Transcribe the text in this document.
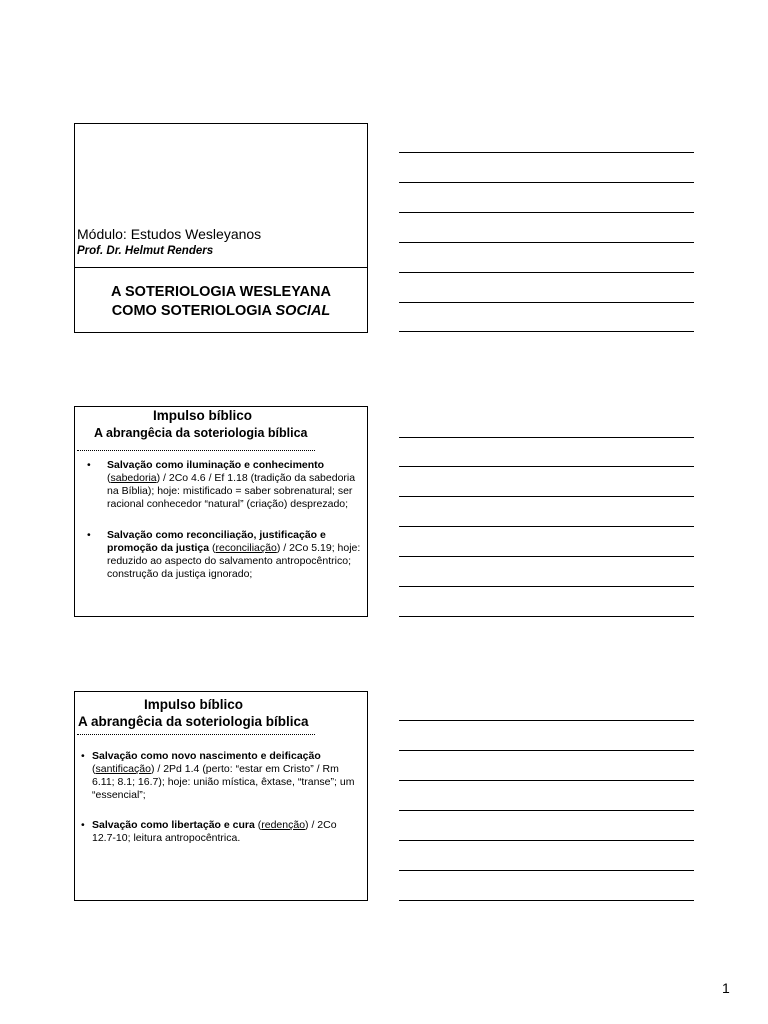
Módulo: Estudos Wesleyanos
Prof. Dr. Helmut Renders
A SOTERIOLOGIA WESLEYANA
COMO SOTERIOLOGIA SOCIAL
Impulso bíblico
A abrangêcia da soteriologia bíblica
• Salvação como iluminação e conhecimento
(sabedoria) / 2Co 4.6 / Ef 1.18 (tradição da sabedoria na Bíblia); hoje: mistificado = saber sobrenatural; ser racional conhecedor “natural” (criação) desprezado;
• Salvação como reconciliação, justificação e promoção da justiça (reconciliação) / 2Co 5.19; hoje: reduzido ao aspecto do salvamento antropocêntrico; construção da justiça ignorado;
Impulso bíblico
A abrangêcia da soteriologia bíblica
• Salvação como novo nascimento e deificação (santificação) / 2Pd 1.4 (perto: “estar em Cristo” / Rm 6.11; 8.1; 16.7); hoje: união mística, êxtase, “transe”; um “essencial”;
• Salvação como libertação e cura (redenção) / 2Co 12.7-10; leitura antropocêntrica.
1
